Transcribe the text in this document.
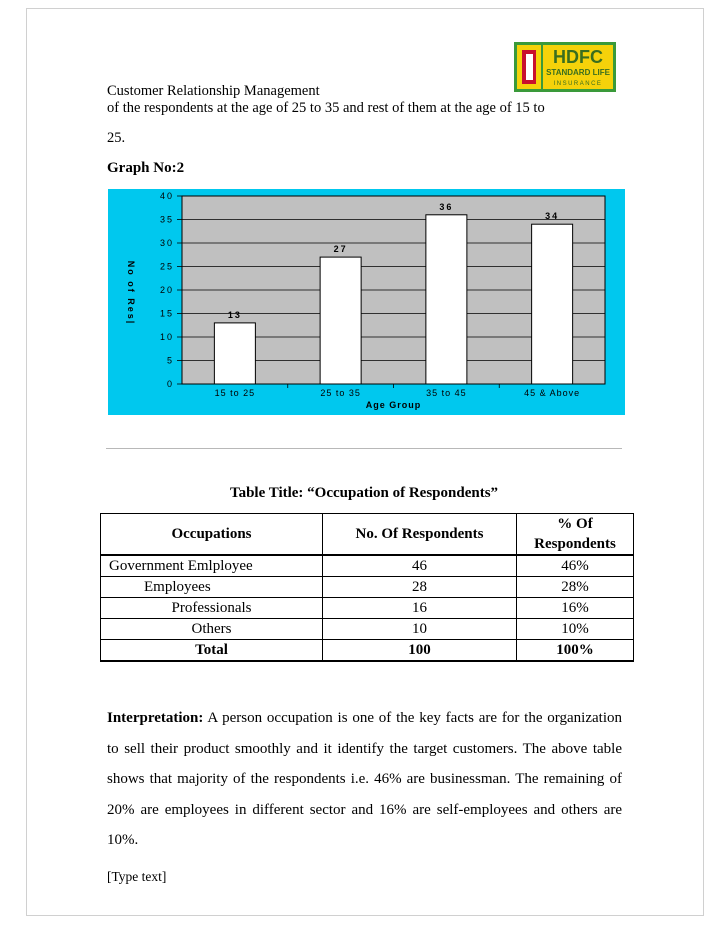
HDFC
STANDARD LIFE
INSURANCE
Customer Relationship Management
of the respondents at the age of 25 to 35 and rest of them at the age of 15 to
25.
Graph No:2
0
5
10
15
20
25
30
35
40
13
15 to 25
27
25 to 35
36
35 to 45
34
45 & Above
Age Group
No of Res|
Table Title: “Occupation of Respondents”
Occupations	No. Of Respondents	% Of Respondents
Government Emlployee	46	46%
Employees	28	28%
Professionals	16	16%
Others	10	10%
Total	100	100%
Interpretation: A person occupation is one of the key facts are for the organization to sell their product smoothly and it identify the target customers. The above table shows that majority of the respondents i.e. 46% are businessman. The remaining of 20% are employees in different sector and 16% are self-employees and others are 10%.
[Type text]
